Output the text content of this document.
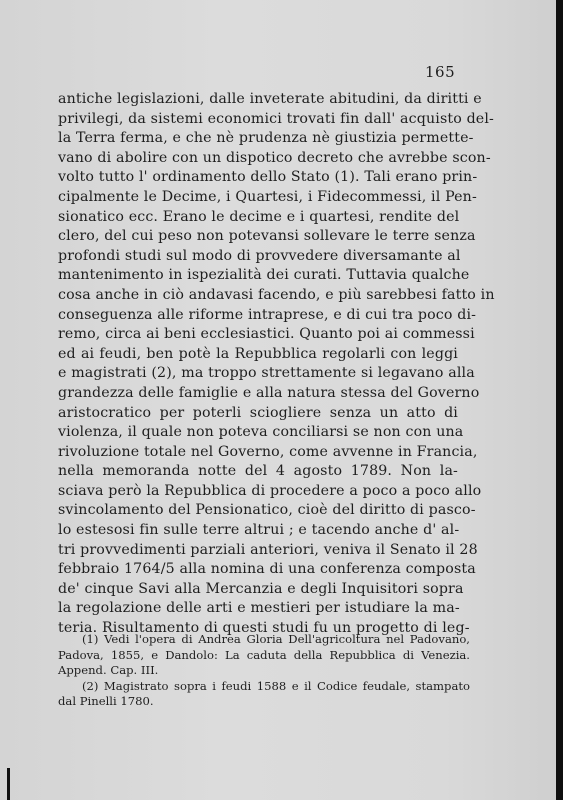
165
antiche legislazioni, dalle inveterate abitudini, da diritti e
privilegi, da sistemi economici trovati fin dall' acquisto del-
la Terra ferma, e che nè prudenza nè giustizia permette-
vano di abolire con un dispotico decreto che avrebbe scon-
volto tutto l' ordinamento dello Stato (1). Tali erano prin-
cipalmente le Decime, i Quartesi, i Fidecommessi, il Pen-
sionatico ecc. Erano le decime e i quartesi, rendite del
clero, del cui peso non potevansi sollevare le terre senza
profondi studi sul modo di provvedere diversamante al
mantenimento in ispezialità dei curati. Tuttavia qualche
cosa anche in ciò andavasi facendo, e più sarebbesi fatto in
conseguenza alle riforme intraprese, e di cui tra poco di-
remo, circa ai beni ecclesiastici. Quanto poi ai commessi
ed ai feudi, ben potè la Repubblica regolarli con leggi
e magistrati (2), ma troppo strettamente si legavano alla
grandezza delle famiglie e alla natura stessa del Governo
aristocratico per poterli sciogliere senza un atto di
violenza, il quale non poteva conciliarsi se non con una
rivoluzione totale nel Governo, come avvenne in Francia,
nella memoranda notte del 4 agosto 1789. Non la-
sciava però la Repubblica di procedere a poco a poco allo
svincolamento del Pensionatico, cioè del diritto di pasco-
lo estesosi fin sulle terre altrui ; e tacendo anche d' al-
tri provvedimenti parziali anteriori, veniva il Senato il 28
febbraio 1764/5 alla nomina di una conferenza composta
de' cinque Savi alla Mercanzia e degli Inquisitori sopra
la regolazione delle arti e mestieri per istudiare la ma-
teria. Risultamento di questi studi fu un progetto di leg-
(1) Vedi l'opera di Andrea Gloria Dell'agricoltura nel Padovano,
Padova, 1855, e Dandolo: La caduta della Repubblica di Venezia.
Append. Cap. III.
(2) Magistrato sopra i feudi 1588 e il Codice feudale, stampato
dal Pinelli 1780.
